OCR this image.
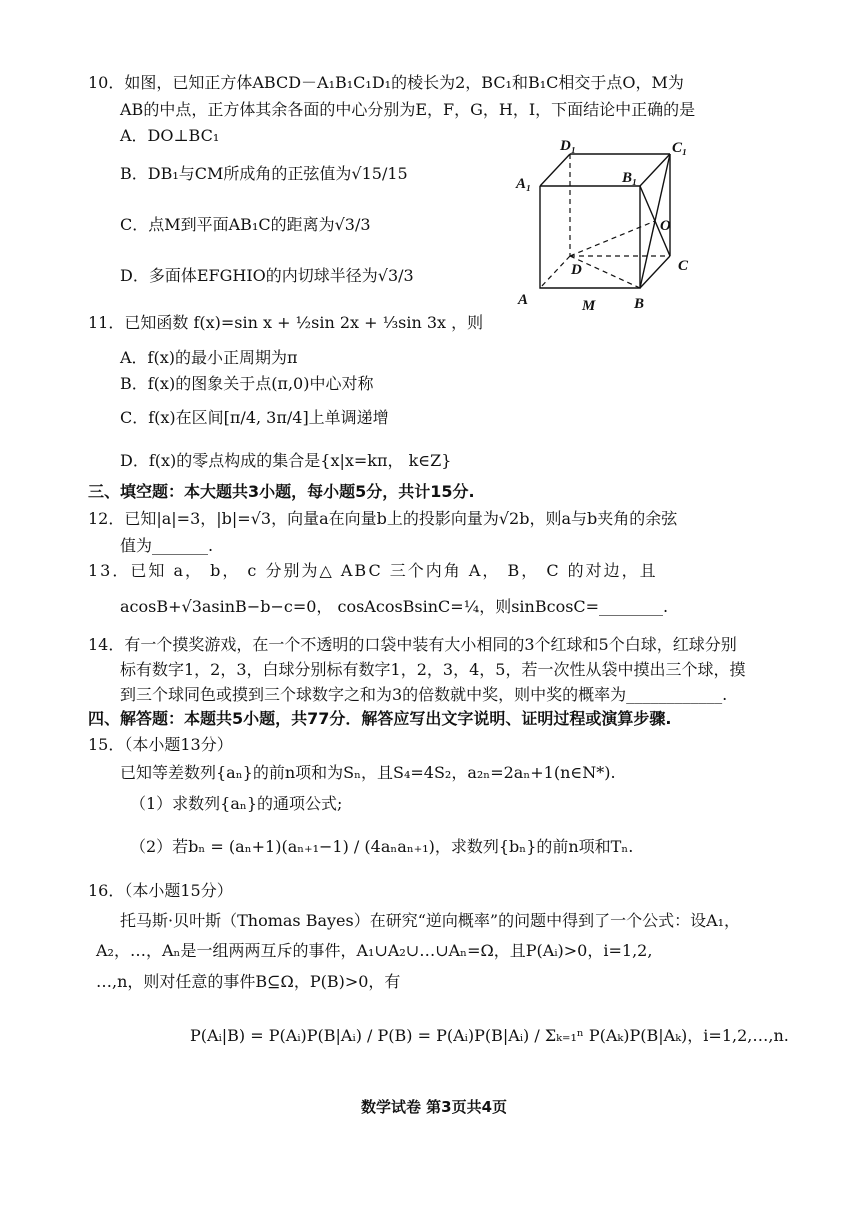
10．如图，已知正方体ABCD－A₁B₁C₁D₁的棱长为2，BC₁和B₁C相交于点O，M为
AB的中点，正方体其余各面的中心分别为E，F，G，H，I，下面结论中正确的是
A．DO⊥BC₁
B．DB₁与CM所成角的正弦值为√15/15
C．点M到平面AB₁C的距离为√3/3
D．多面体EFGHIO的内切球半径为√3/3
D₁	C₁
A₁	B₁
O
D	C
A	M	B
11．已知函数 f(x)=sin x + ½sin 2x + ⅓sin 3x ，则
A．f(x)的最小正周期为π
B．f(x)的图象关于点(π,0)中心对称
C．f(x)在区间[π/4, 3π/4]上单调递增
D．f(x)的零点构成的集合是{x|x=kπ， k∈Z}
三、填空题：本大题共3小题，每小题5分，共计15分.
12．已知|a|=3，|b|=√3，向量a在向量b上的投影向量为√2b，则a与b夹角的余弦
值为_______.
13．已知 a， b， c 分别为△ ABC 三个内角 A， B， C 的对边，且
acosB+√3asinB−b−c=0， cosAcosBsinC=¼，则sinBcosC=________.
14．有一个摸奖游戏，在一个不透明的口袋中装有大小相同的3个红球和5个白球，红球分别
标有数字1，2，3，白球分别标有数字1，2，3，4，5，若一次性从袋中摸出三个球，摸
到三个球同色或摸到三个球数字之和为3的倍数就中奖，则中奖的概率为____________.
四、解答题：本题共5小题，共77分．解答应写出文字说明、证明过程或演算步骤.
15．（本小题13分）
已知等差数列{aₙ}的前n项和为Sₙ，且S₄=4S₂，a₂ₙ=2aₙ+1(n∈N*).
（1）求数列{aₙ}的通项公式;
（2）若bₙ = (aₙ+1)(aₙ₊₁−1) / (4aₙaₙ₊₁)，求数列{bₙ}的前n项和Tₙ.
16．（本小题15分）
托马斯·贝叶斯（Thomas Bayes）在研究“逆向概率”的问题中得到了一个公式：设A₁，
A₂，…，Aₙ是一组两两互斥的事件，A₁∪A₂∪…∪Aₙ=Ω，且P(Aᵢ)>0，i=1,2,
…,n，则对任意的事件B⊆Ω，P(B)>0，有
P(Aᵢ|B) = P(Aᵢ)P(B|Aᵢ) / P(B) = P(Aᵢ)P(B|Aᵢ) / Σₖ₌₁ⁿ P(Aₖ)P(B|Aₖ)，i=1,2,…,n.
数学试卷 第3页共4页
